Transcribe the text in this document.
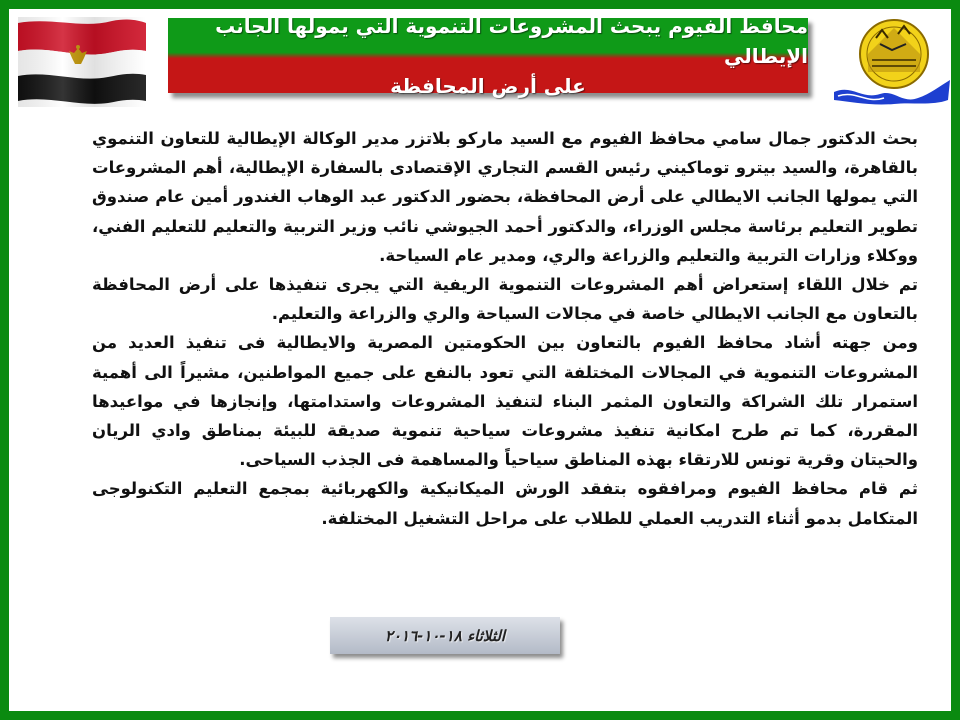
محافظ الفيوم يبحث المشروعات التنموية التي يمولها الجانب الإيطالي
على أرض المحافظة

بحث الدكتور جمال سامي محافظ الفيوم مع السيد ماركو بلاتزر مدير الوكالة الإيطالية للتعاون التنموي بالقاهرة، والسيد بيترو توماكيني رئيس القسم التجاري الإقتصادى بالسفارة الإيطالية، أهم المشروعات التي يمولها الجانب الايطالي على أرض المحافظة، بحضور الدكتور عبد الوهاب الغندور أمين عام صندوق تطوير التعليم برئاسة مجلس الوزراء، والدكتور أحمد الجيوشي نائب وزير التربية والتعليم للتعليم الفني، ووكلاء وزارات التربية والتعليم والزراعة والري، ومدير عام السياحة.

تم خلال اللقاء إستعراض أهم المشروعات التنموية الريفية التي يجرى تنفيذها على أرض المحافظة بالتعاون مع الجانب الايطالي خاصة في مجالات السياحة والري والزراعة والتعليم.

ومن جهته أشاد محافظ الفيوم بالتعاون بين الحكومتين المصرية والايطالية فى تنفيذ العديد من المشروعات التنموية في المجالات المختلفة التي تعود بالنفع على جميع المواطنين، مشيراً الى أهمية استمرار تلك الشراكة والتعاون المثمر البناء لتنفيذ المشروعات واستدامتها، وإنجازها في مواعيدها المقررة، كما تم طرح امكانية تنفيذ مشروعات سياحية تنموية صديقة للبيئة بمناطق وادي الريان والحيتان وقرية تونس للارتقاء بهذه المناطق سياحياً والمساهمة فى الجذب السياحى.

ثم قام محافظ الفيوم ومرافقوه بتفقد الورش الميكانيكية والكهربائية بمجمع التعليم التكنولوجى المتكامل بدمو أثناء التدريب العملي للطلاب على مراحل التشغيل المختلفة.

الثلاثاء ١٨-١٠-٢٠١٦
